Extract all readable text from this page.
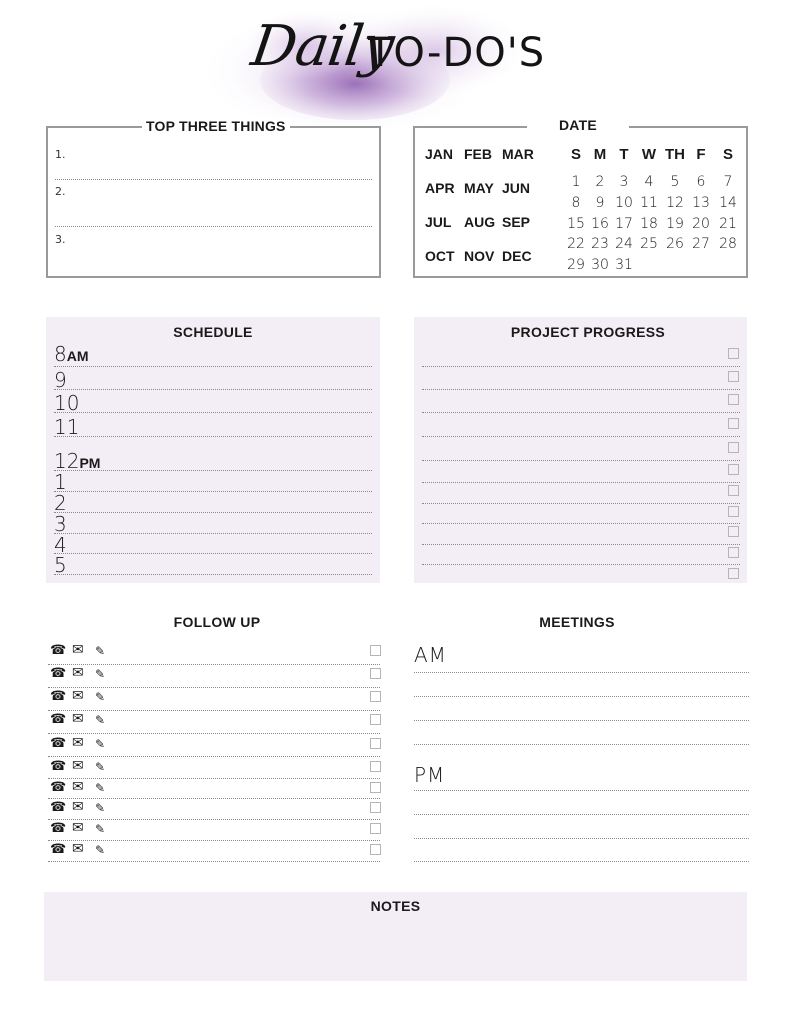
Daily
TO-DO'S
TOP THREE THINGS
1.
2.
3.
DATE
SCHEDULE	PROJECT PROGRESS
FOLLOW UP	MEETINGS
AM
PM
NOTES
JAN FEB MAR
APR MAY JUN
JUL AUG SEP
OCT NOV DEC
S M T W TH F	S
1	2	3	4	5	6	7
8	9 10 11 12 13 14
15 16 17 18 19 20 21
22 23 24 25 26 27 28
29 30 31
8AM
9
10
11
12PM
1
2
3
4
5
☎ ✉ ✎
☎ ✉ ✎
☎ ✉ ✎
☎ ✉ ✎
☎ ✉ ✎
☎ ✉ ✎
☎ ✉ ✎
☎ ✉ ✎
☎ ✉ ✎
☎ ✉ ✎
